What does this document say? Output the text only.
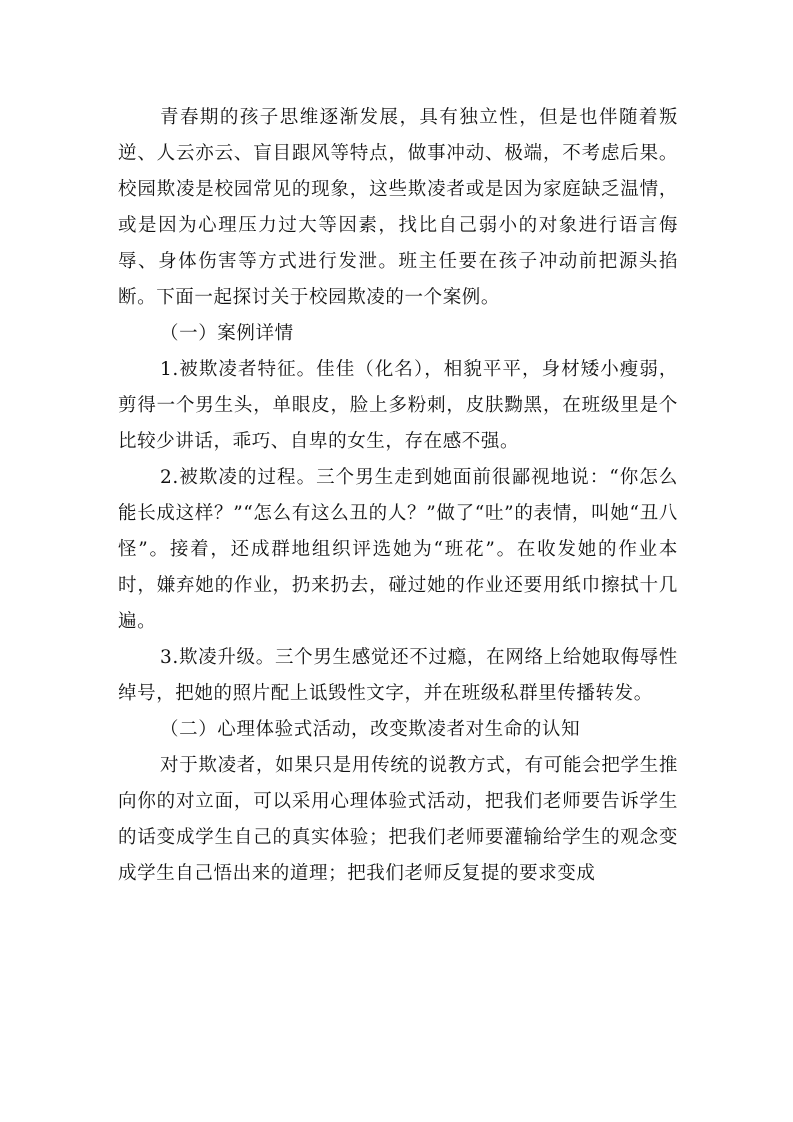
青春期的孩子思维逐渐发展，具有独立性，但是也伴随着叛逆、人云亦云、盲目跟风等特点，做事冲动、极端，不考虑后果。校园欺凌是校园常见的现象，这些欺凌者或是因为家庭缺乏温情，或是因为心理压力过大等因素，找比自己弱小的对象进行语言侮辱、身体伤害等方式进行发泄。班主任要在孩子冲动前把源头掐断。下面一起探讨关于校园欺凌的一个案例。

（一）案例详情

1.被欺凌者特征。佳佳（化名），相貌平平，身材矮小瘦弱，剪得一个男生头，单眼皮，脸上多粉刺，皮肤黝黑，在班级里是个比较少讲话，乖巧、自卑的女生，存在感不强。

2.被欺凌的过程。三个男生走到她面前很鄙视地说：“你怎么能长成这样？”“怎么有这么丑的人？”做了“吐”的表情，叫她“丑八怪”。接着，还成群地组织评选她为“班花”。在收发她的作业本时，嫌弃她的作业，扔来扔去，碰过她的作业还要用纸巾擦拭十几遍。

3.欺凌升级。三个男生感觉还不过瘾，在网络上给她取侮辱性绰号，把她的照片配上诋毁性文字，并在班级私群里传播转发。

（二）心理体验式活动，改变欺凌者对生命的认知

对于欺凌者，如果只是用传统的说教方式，有可能会把学生推向你的对立面，可以采用心理体验式活动，把我们老师要告诉学生的话变成学生自己的真实体验；把我们老师要灌输给学生的观念变成学生自己悟出来的道理；把我们老师反复提的要求变成
